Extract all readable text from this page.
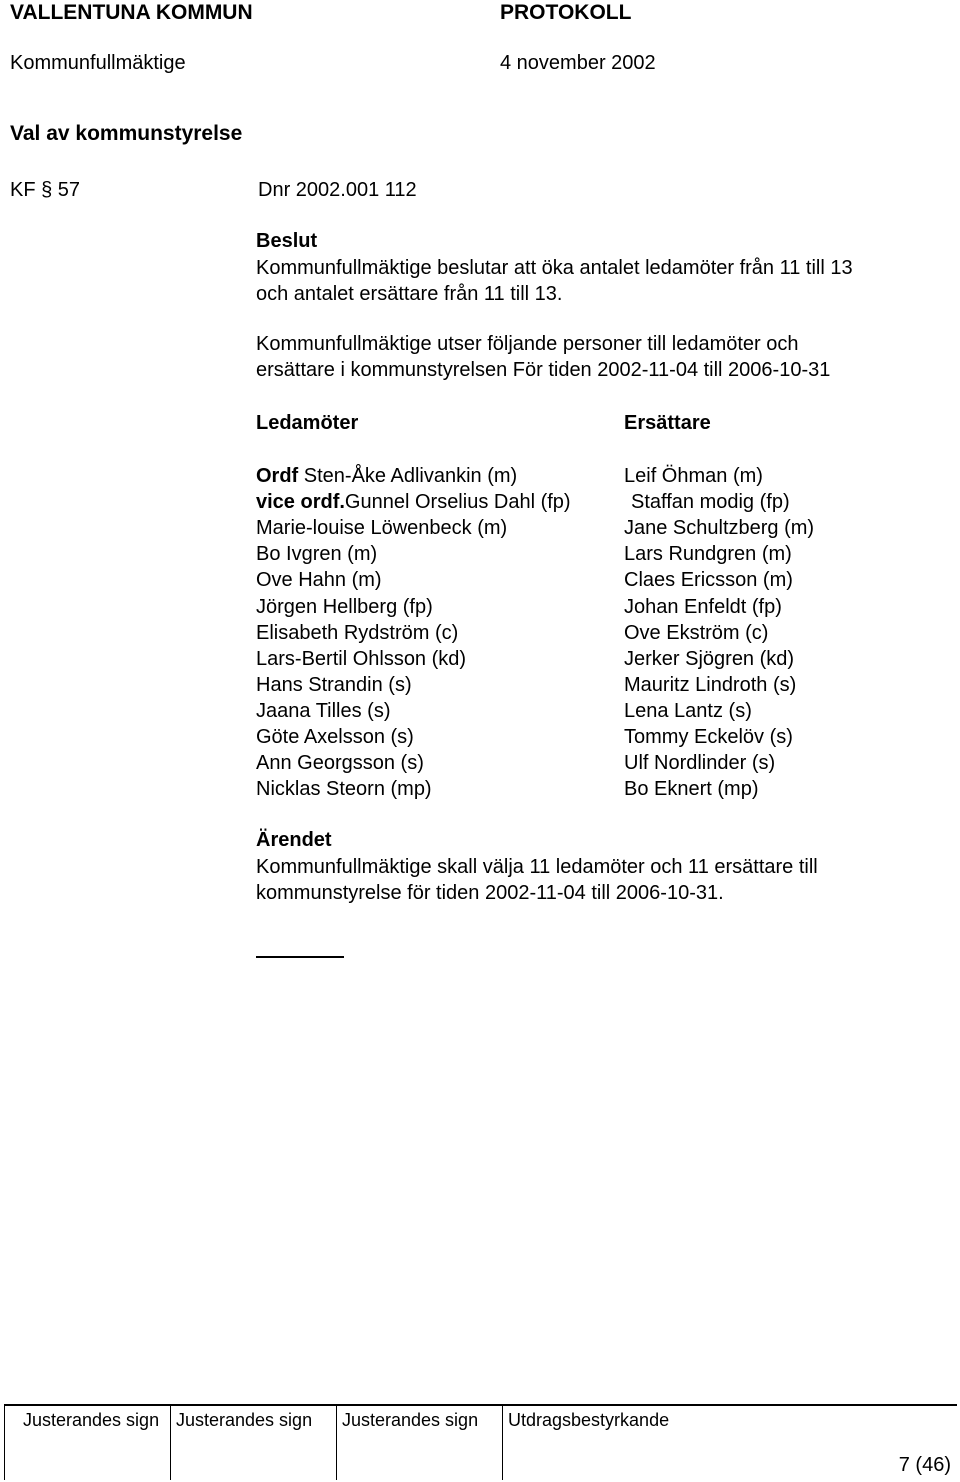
VALLENTUNA KOMMUN	PROTOKOLL
Kommunfullmäktige	4 november 2002
Val av kommunstyrelse
KF § 57	Dnr 2002.001 112
Beslut
Kommunfullmäktige beslutar att öka antalet ledamöter från 11 till 13
och antalet ersättare från 11 till 13.
Kommunfullmäktige utser följande personer till ledamöter och
ersättare i kommunstyrelsen För tiden 2002-11-04 till 2006-10-31
Ledamöter	Ersättare
Ordf Sten-Åke Adlivankin (m)	Leif Öhman (m)
vice ordf.Gunnel Orselius Dahl (fp)	Staffan modig (fp)
Marie-louise Löwenbeck (m)	Jane Schultzberg (m)
Bo Ivgren (m)	Lars Rundgren (m)
Ove Hahn (m)	Claes Ericsson (m)
Jörgen Hellberg (fp)	Johan Enfeldt (fp)
Elisabeth Rydström (c)	Ove Ekström (c)
Lars-Bertil Ohlsson (kd)	Jerker Sjögren (kd)
Hans Strandin (s)	Mauritz Lindroth (s)
Jaana Tilles (s)	Lena Lantz (s)
Göte Axelsson (s)	Tommy Eckelöv (s)
Ann Georgsson (s)	Ulf Nordlinder (s)
Nicklas Steorn (mp)	Bo Eknert (mp)
Ärendet
Kommunfullmäktige skall välja 11 ledamöter och 11 ersättare till
kommunstyrelse för tiden 2002-11-04 till 2006-10-31.
Justerandes sign Justerandes sign Justerandes sign Utdragsbestyrkande
7 (46)
